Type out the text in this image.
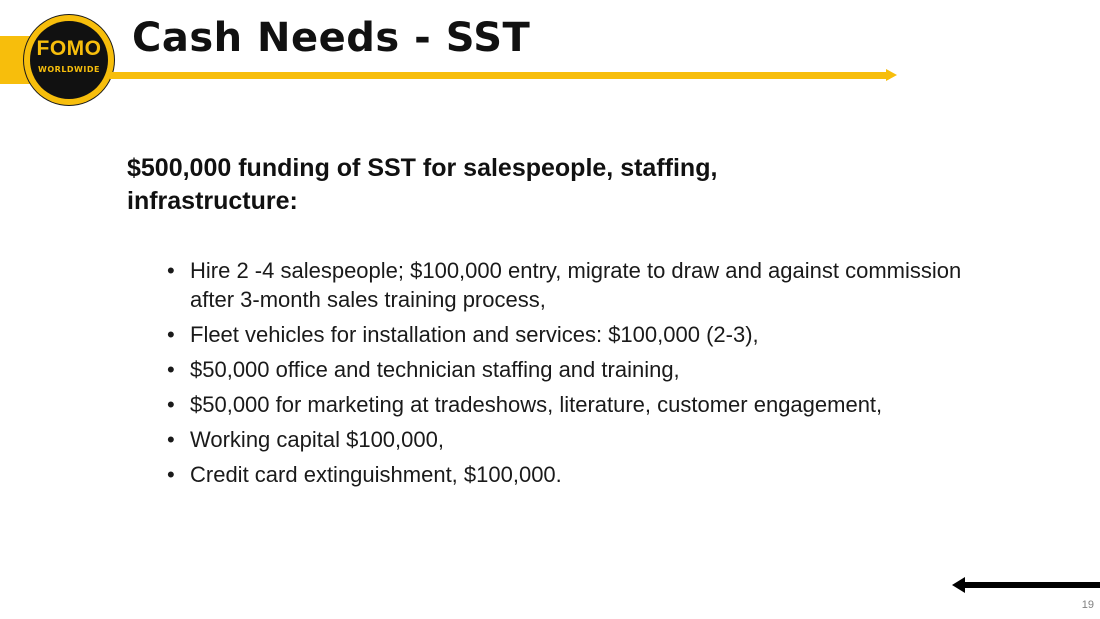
FOMO
WORLDWIDE
Cash Needs - SST
$500,000 funding of SST for salespeople, staffing, infrastructure:
• Hire 2 -4 salespeople; $100,000 entry, migrate to draw and against commission after 3-month sales training process,
• Fleet vehicles for installation and services: $100,000 (2-3),
• $50,000 office and technician staffing and training,
• $50,000 for marketing at tradeshows, literature, customer engagement,
• Working capital $100,000,
• Credit card extinguishment, $100,000.
19
